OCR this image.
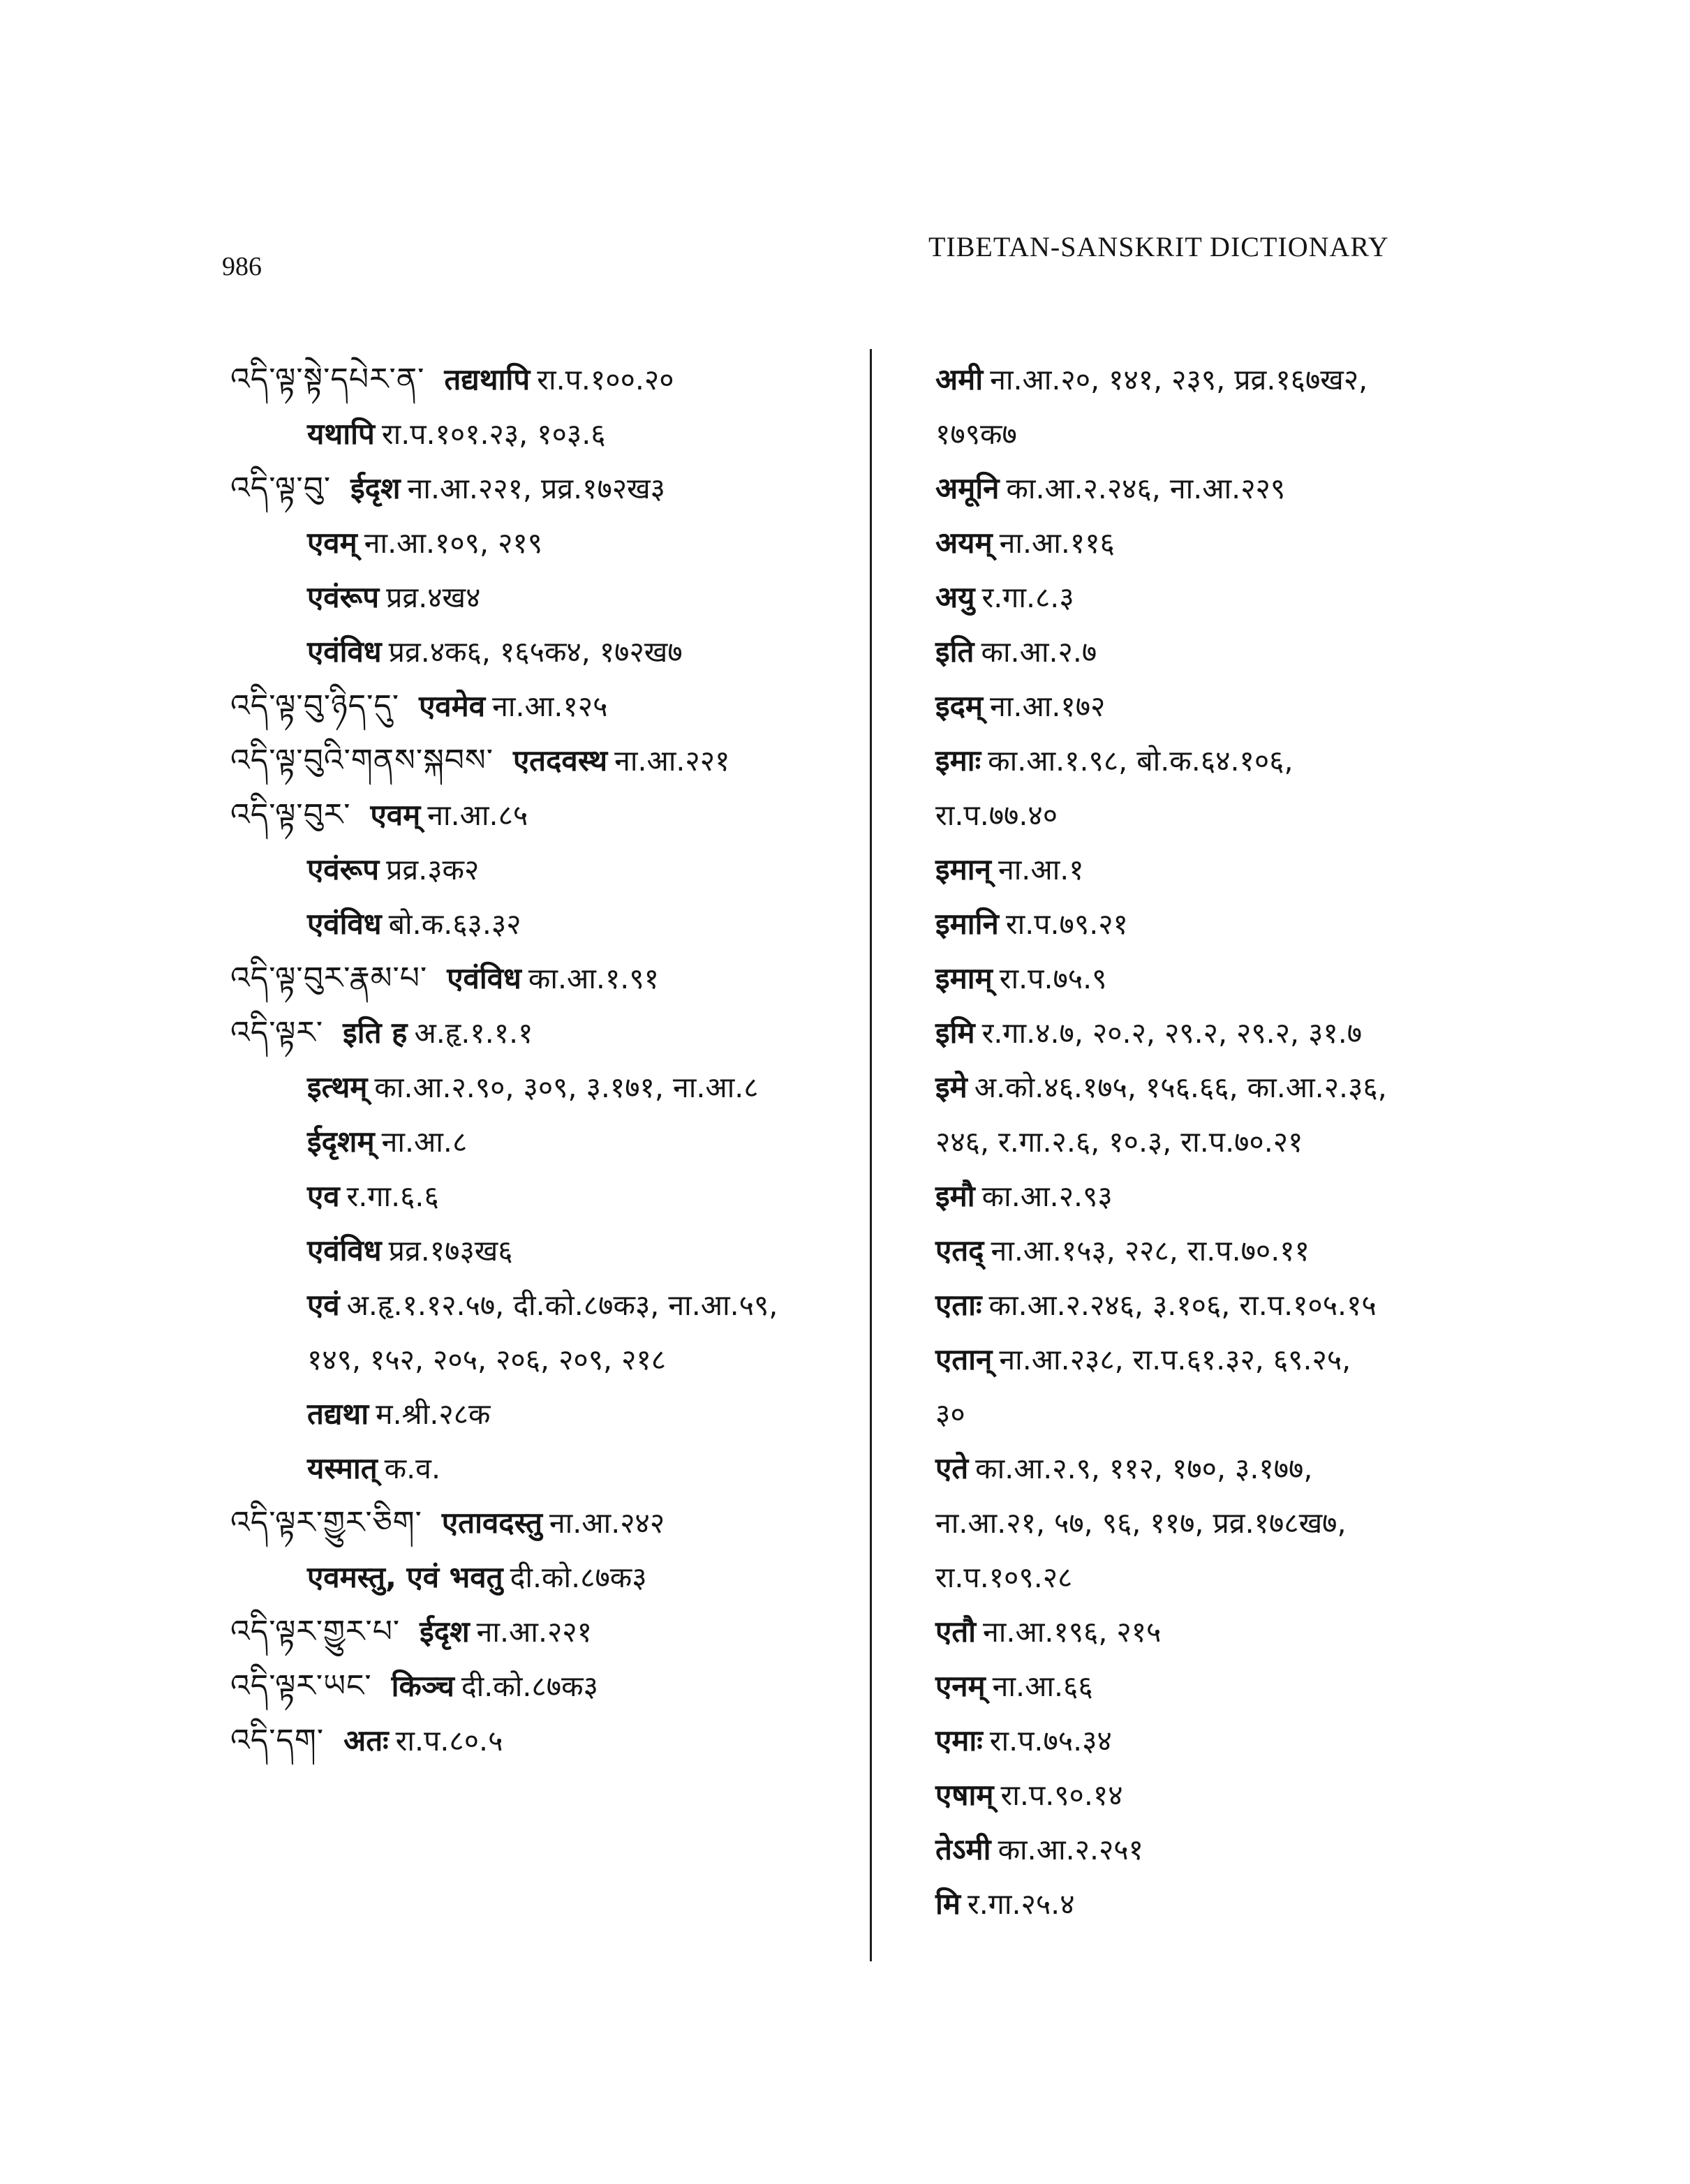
986
TIBETAN-SANSKRIT DICTIONARY
འདི་ལྟ་སྟེ་དཔེར་ན་ तद्यथापि रा.प.१००.२०
यथापि रा.प.१०१.२३, १०३.६
འདི་ལྟ་བུ་ ईदृश ना.आ.२२१, प्रव्र.१७२ख३
एवम् ना.आ.१०९, २१९
एवंरूप प्रव्र.४ख४
एवंविध प्रव्र.४क६, १६५क४, १७२ख७
འདི་ལྟ་བུ་ཉིད་དུ་ एवमेव ना.आ.१२५
འདི་ལྟ་བུའི་གནས་སྐབས་ एतदवस्थ ना.आ.२२१
འདི་ལྟ་བུར་ एवम् ना.आ.८५
एवंरूप प्रव्र.३क२
एवंविध बो.क.६३.३२
འདི་ལྟ་བུར་རྣམ་པ་ एवंविध का.आ.१.९१
འདི་ལྟར་ इति ह अ.हृ.१.१.१
इत्थम् का.आ.२.९०, ३०९, ३.१७१, ना.आ.८
ईदृशम् ना.आ.८
एव र.गा.६.६
एवंविध प्रव्र.१७३ख६
एवं अ.हृ.१.१२.५७, दी.को.८७क३, ना.आ.५९,
१४९, १५२, २०५, २०६, २०९, २१८
तद्यथा म.श्री.२८क
यस्मात् क.व.
འདི་ལྟར་གྱུར་ཅིག་ एतावदस्तु ना.आ.२४२
एवमस्तु, एवं भवतु दी.को.८७क३
འདི་ལྟར་གྱུར་པ་ ईदृश ना.आ.२२१
འདི་ལྟར་ཡང་ किञ्च दी.को.८७क३
འདི་དག་ अतः रा.प.८०.५
अमी ना.आ.२०, १४१, २३९, प्रव्र.१६७ख२,
१७९क७
अमूनि का.आ.२.२४६, ना.आ.२२९
अयम् ना.आ.११६
अयु र.गा.८.३
इति का.आ.२.७
इदम् ना.आ.१७२
इमाः का.आ.१.९८, बो.क.६४.१०६,
रा.प.७७.४०
इमान् ना.आ.१
इमानि रा.प.७९.२१
इमाम् रा.प.७५.९
इमि र.गा.४.७, २०.२, २९.२, २९.२, ३१.७
इमे अ.को.४६.१७५, १५६.६६, का.आ.२.३६,
२४६, र.गा.२.६, १०.३, रा.प.७०.२१
इमौ का.आ.२.९३
एतद् ना.आ.१५३, २२८, रा.प.७०.११
एताः का.आ.२.२४६, ३.१०६, रा.प.१०५.१५
एतान् ना.आ.२३८, रा.प.६१.३२, ६९.२५,
३०
एते का.आ.२.९, ११२, १७०, ३.१७७,
ना.आ.२१, ५७, ९६, ११७, प्रव्र.१७८ख७,
रा.प.१०९.२८
एतौ ना.आ.१९६, २१५
एनम् ना.आ.६६
एमाः रा.प.७५.३४
एषाम् रा.प.९०.१४
तेऽमी का.आ.२.२५१
मि र.गा.२५.४
